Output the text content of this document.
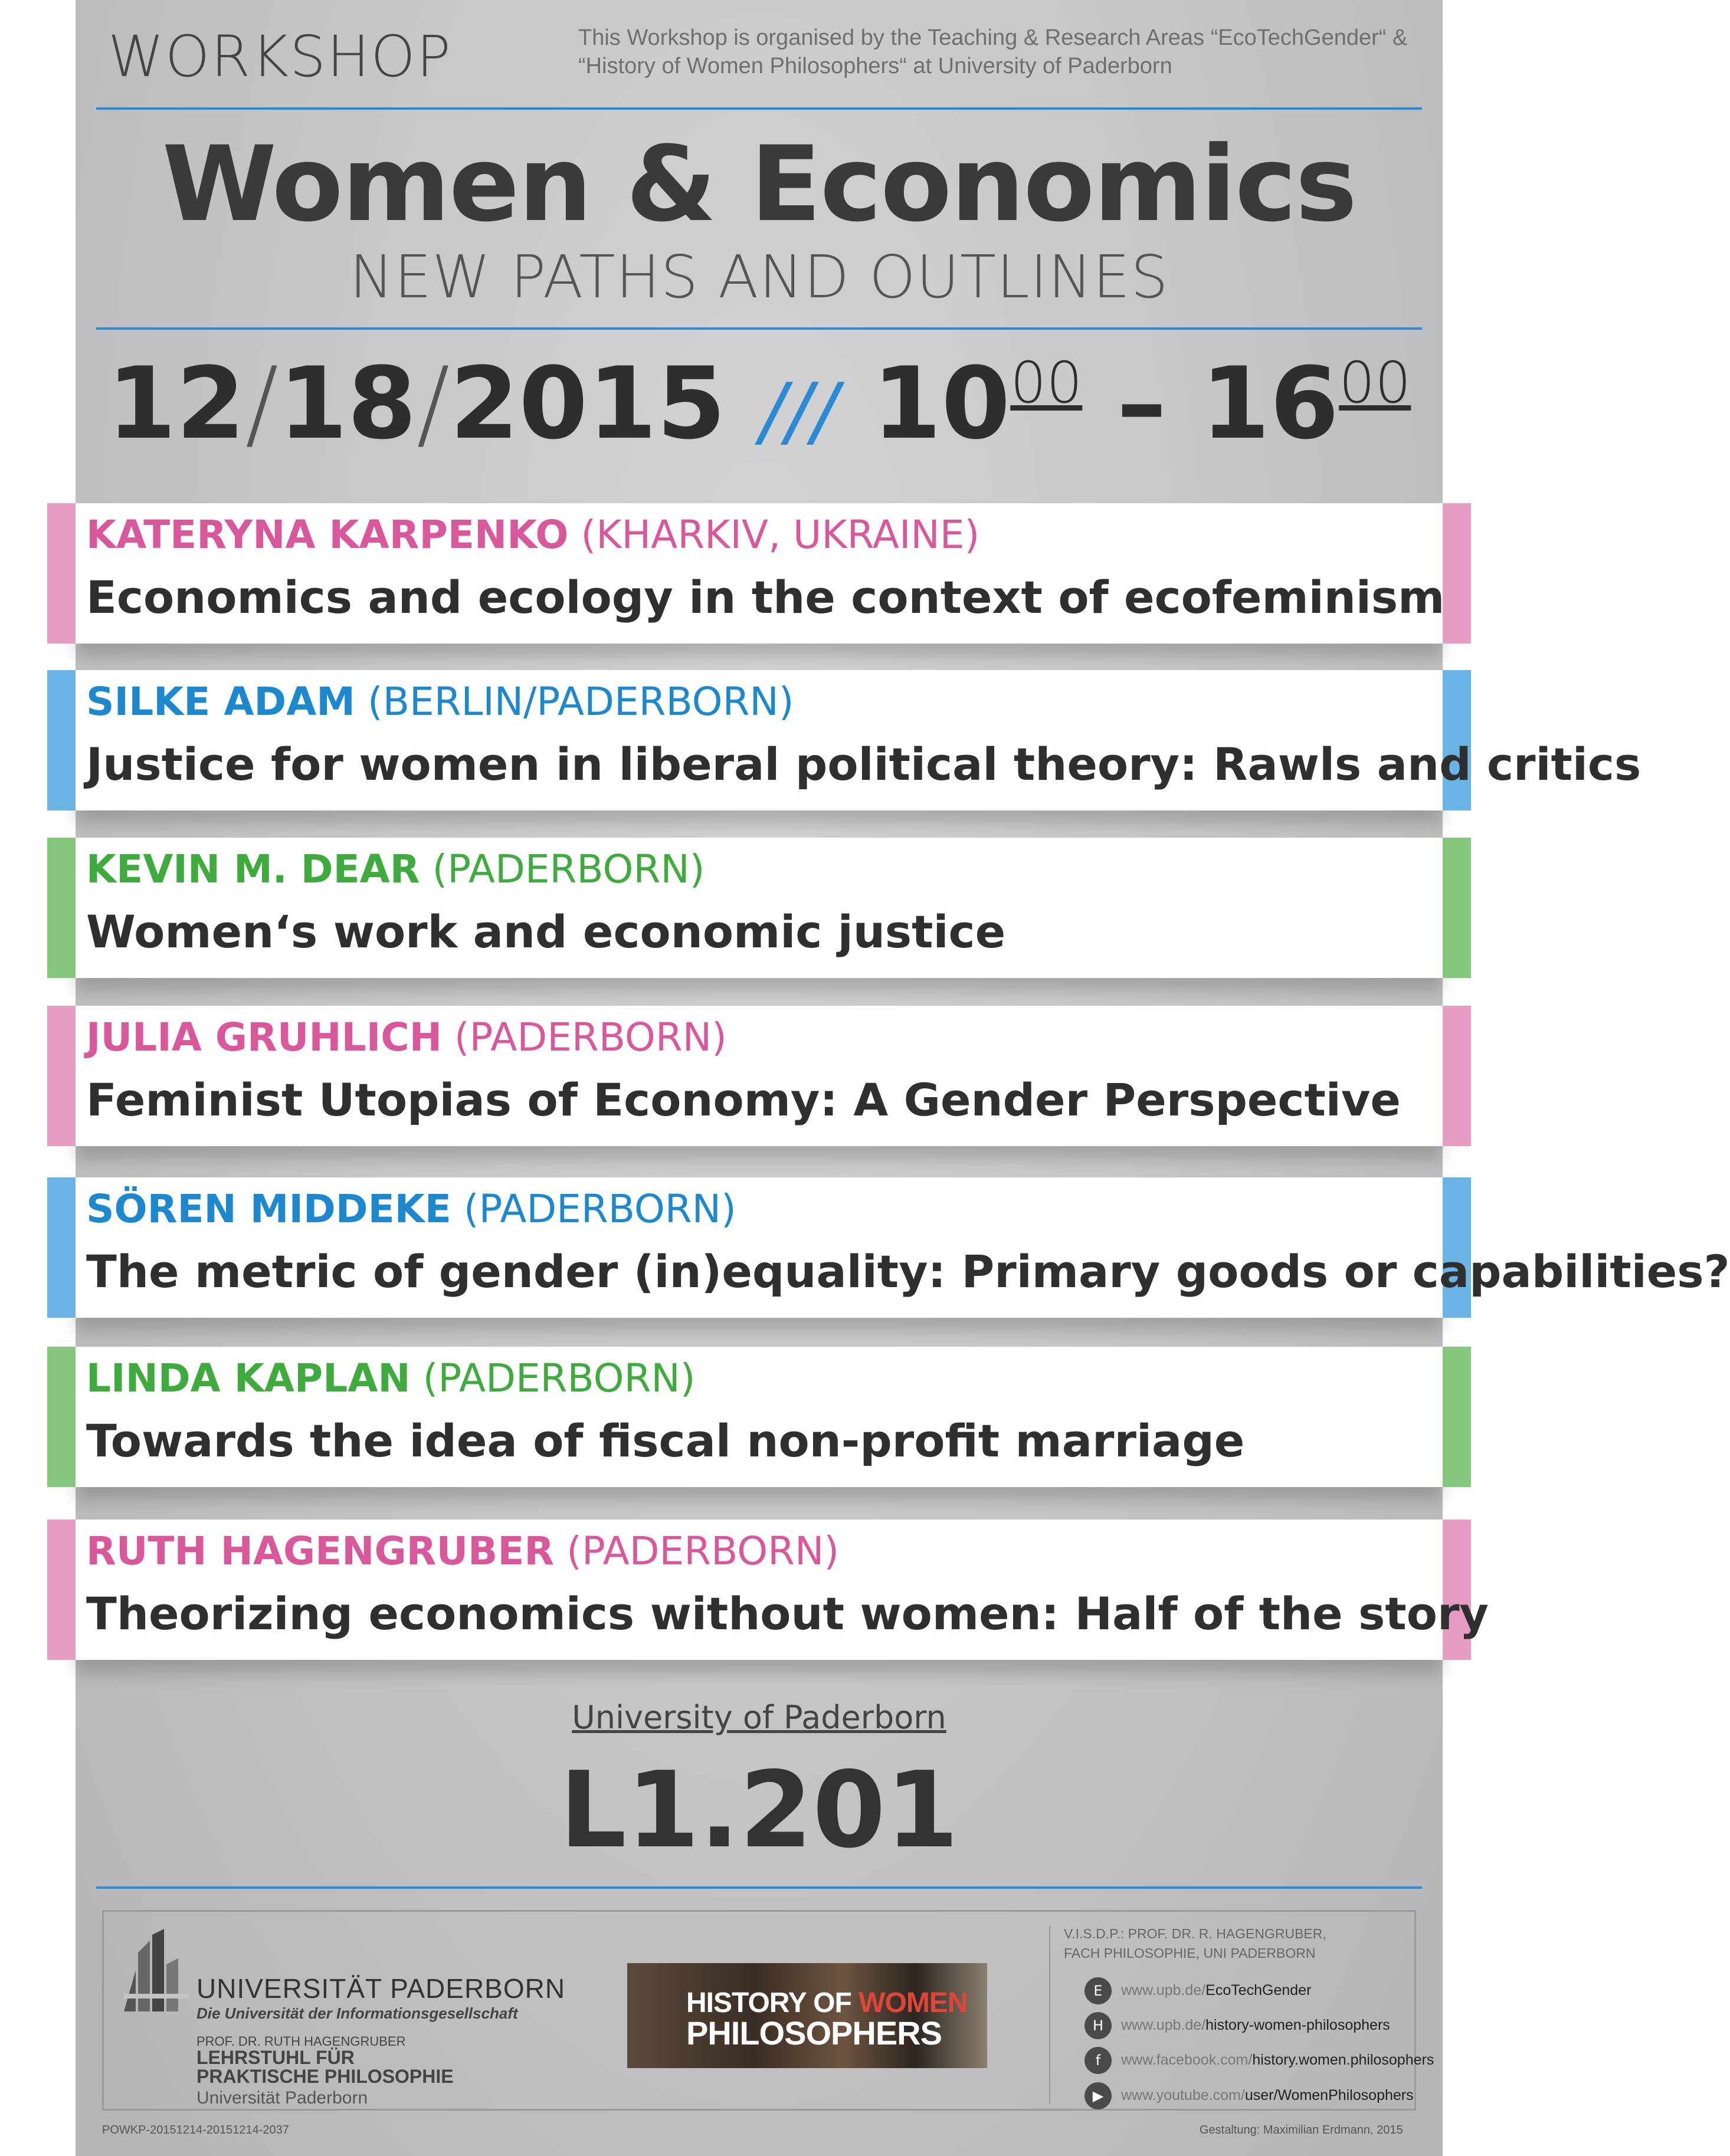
WORKSHOP	This Workshop is organised by the Teaching & Research Areas “EcoTechGender“ &
“History of Women Philosophers“ at University of Paderborn
Women & Economics
NEW PATHS AND OUTLINES
12/18/2015 /// $10^{00} - 16^{00}$
KATERYNA KARPENKO (KHARKIV, UKRAINE)
Economics and ecology in the context of ecofeminism
SILKE ADAM (BERLIN/PADERBORN)
Justice for women in liberal political theory: Rawls and critics
KEVIN M. DEAR (PADERBORN)
Women‘s work and economic justice
JULIA GRUHLICH (PADERBORN)
Feminist Utopias of Economy: A Gender Perspective
SÖREN MIDDEKE (PADERBORN)
The metric of gender (in)equality: Primary goods or capabilities?
LINDA KAPLAN (PADERBORN)
Towards the idea of fiscal non-profit marriage
RUTH HAGENGRUBER (PADERBORN)
Theorizing economics without women: Half of the story
University of Paderborn
L1.201
UNIVERSITÄT PADERBORN
Die Universität der Informationsgesellschaft
PROF. DR. RUTH HAGENGRUBER
LEHRSTUHL FÜR
PRAKTISCHE PHILOSOPHIE
Universität Paderborn
HISTORY OF WOMEN
PHILOSOPHERS
V.I.S.D.P.: PROF. DR. R. HAGENGRUBER,
FACH PHILOSOPHIE, UNI PADERBORN
E	www.upb.de/EcoTechGender
H	www.upb.de/history-women-philosophers
f	www.facebook.com/history.women.philosophers
▶	www.youtube.com/user/WomenPhilosophers
POWKP-20151214-20151214-2037	Gestaltung: Maximilian Erdmann, 2015
